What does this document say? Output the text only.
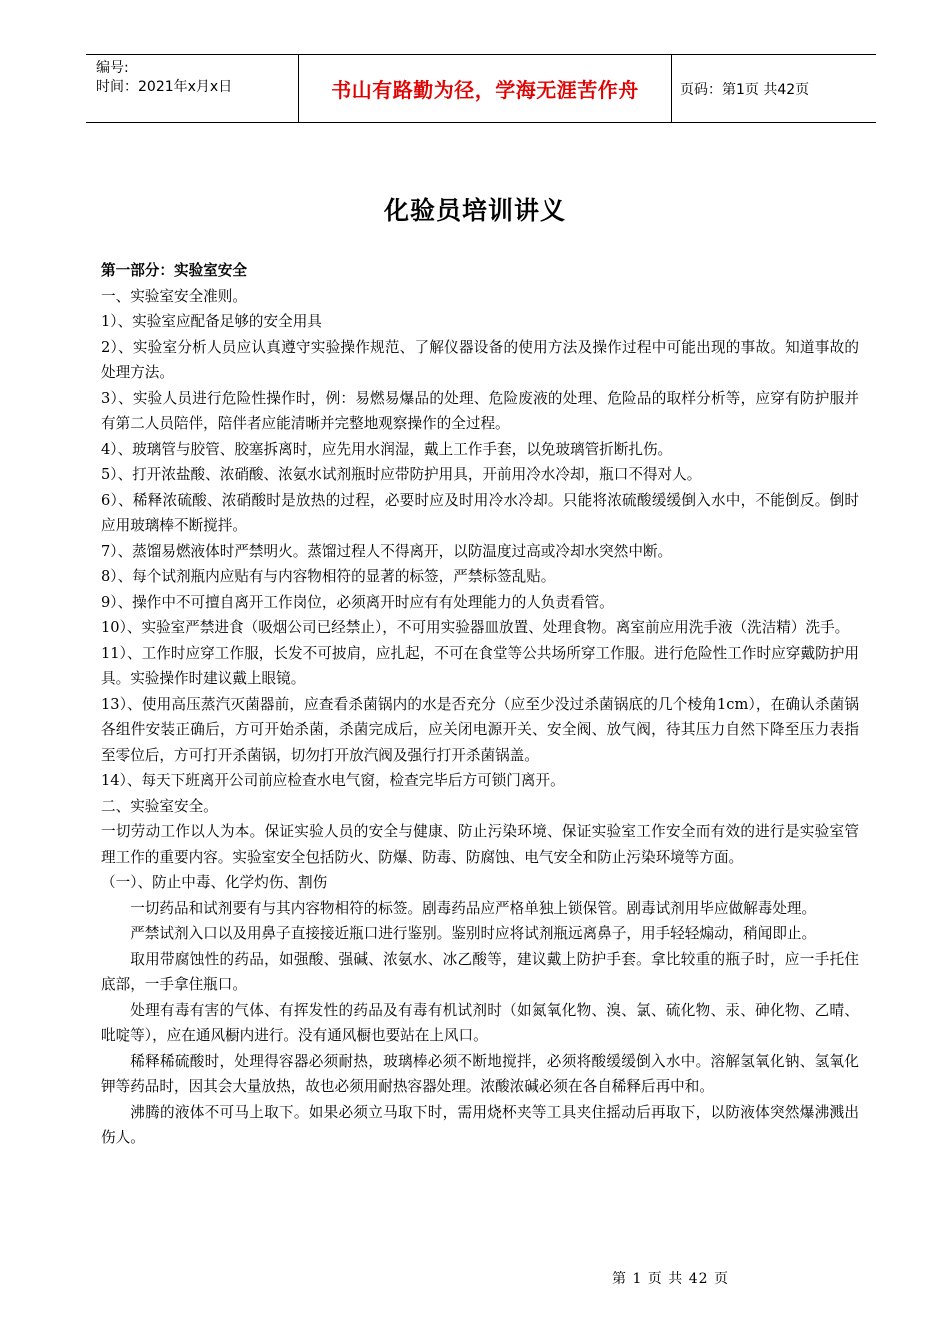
编号:
时间：2021年x月x日	书山有路勤为径，学海无涯苦作舟	页码：第1页 共42页
化验员培训讲义

第一部分：实验室安全

一、实验室安全准则。

1）、实验室应配备足够的安全用具

2）、实验室分析人员应认真遵守实验操作规范、了解仪器设备的使用方法及操作过程中可能出现的事故。知道事故的处理方法。

3）、实验人员进行危险性操作时，例：易燃易爆品的处理、危险废液的处理、危险品的取样分析等，应穿有防护服并有第二人员陪伴，陪伴者应能清晰并完整地观察操作的全过程。

4）、玻璃管与胶管、胶塞拆离时，应先用水润湿，戴上工作手套，以免玻璃管折断扎伤。

5）、打开浓盐酸、浓硝酸、浓氨水试剂瓶时应带防护用具，开前用冷水冷却，瓶口不得对人。

6）、稀释浓硫酸、浓硝酸时是放热的过程，必要时应及时用冷水冷却。只能将浓硫酸缓缓倒入水中，不能倒反。倒时应用玻璃棒不断搅拌。

7）、蒸馏易燃液体时严禁明火。蒸馏过程人不得离开，以防温度过高或冷却水突然中断。

8）、每个试剂瓶内应贴有与内容物相符的显著的标签，严禁标签乱贴。

9）、操作中不可擅自离开工作岗位，必须离开时应有有处理能力的人负责看管。

10）、实验室严禁进食（吸烟公司已经禁止），不可用实验器皿放置、处理食物。离室前应用洗手液（洗洁精）洗手。

11）、工作时应穿工作服，长发不可披肩，应扎起，不可在食堂等公共场所穿工作服。进行危险性工作时应穿戴防护用具。实验操作时建议戴上眼镜。

13）、使用高压蒸汽灭菌器前，应查看杀菌锅内的水是否充分（应至少没过杀菌锅底的几个棱角1cm），在确认杀菌锅各组件安装正确后，方可开始杀菌，杀菌完成后，应关闭电源开关、安全阀、放气阀，待其压力自然下降至压力表指至零位后，方可打开杀菌锅，切勿打开放汽阀及强行打开杀菌锅盖。

14）、每天下班离开公司前应检查水电气窗，检查完毕后方可锁门离开。

二、实验室安全。

一切劳动工作以人为本。保证实验人员的安全与健康、防止污染环境、保证实验室工作安全而有效的进行是实验室管理工作的重要内容。实验室安全包括防火、防爆、防毒、防腐蚀、电气安全和防止污染环境等方面。

（一）、防止中毒、化学灼伤、割伤

一切药品和试剂要有与其内容物相符的标签。剧毒药品应严格单独上锁保管。剧毒试剂用毕应做解毒处理。

严禁试剂入口以及用鼻子直接接近瓶口进行鉴别。鉴别时应将试剂瓶远离鼻子，用手轻轻煽动，稍闻即止。

取用带腐蚀性的药品，如强酸、强碱、浓氨水、冰乙酸等，建议戴上防护手套。拿比较重的瓶子时，应一手托住底部，一手拿住瓶口。

处理有毒有害的气体、有挥发性的药品及有毒有机试剂时（如氮氧化物、溴、氯、硫化物、汞、砷化物、乙晴、吡啶等），应在通风橱内进行。没有通风橱也要站在上风口。

稀释稀硫酸时，处理得容器必须耐热，玻璃棒必须不断地搅拌，必须将酸缓缓倒入水中。溶解氢氧化钠、氢氧化钾等药品时，因其会大量放热，故也必须用耐热容器处理。浓酸浓碱必须在各自稀释后再中和。

沸腾的液体不可马上取下。如果必须立马取下时，需用烧杯夹等工具夹住摇动后再取下，以防液体突然爆沸溅出伤人。

第 1 页 共 42 页
